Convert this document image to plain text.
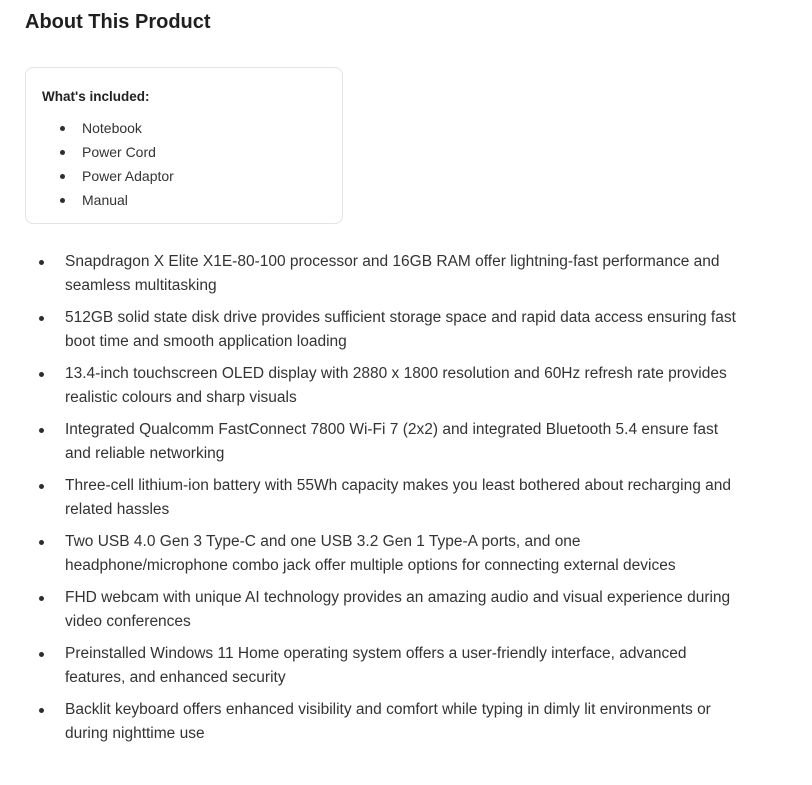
About This Product
What's included:
Notebook
Power Cord
Power Adaptor
Manual
Snapdragon X Elite X1E-80-100 processor and 16GB RAM offer lightning-fast performance and seamless multitasking
512GB solid state disk drive provides sufficient storage space and rapid data access ensuring fast boot time and smooth application loading
13.4-inch touchscreen OLED display with 2880 x 1800 resolution and 60Hz refresh rate provides realistic colours and sharp visuals
Integrated Qualcomm FastConnect 7800 Wi-Fi 7 (2x2) and integrated Bluetooth 5.4 ensure fast and reliable networking
Three-cell lithium-ion battery with 55Wh capacity makes you least bothered about recharging and related hassles
Two USB 4.0 Gen 3 Type-C and one USB 3.2 Gen 1 Type-A ports, and one headphone/microphone combo jack offer multiple options for connecting external devices
FHD webcam with unique AI technology provides an amazing audio and visual experience during video conferences
Preinstalled Windows 11 Home operating system offers a user-friendly interface, advanced features, and enhanced security
Backlit keyboard offers enhanced visibility and comfort while typing in dimly lit environments or during nighttime use
